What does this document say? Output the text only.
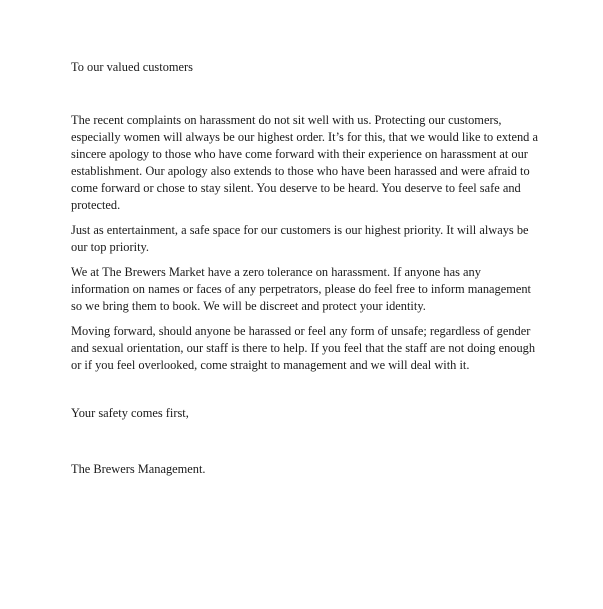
To our valued customers

The recent complaints on harassment do not sit well with us. Protecting our customers, especially women will always be our highest order. It’s for this, that we would like to extend a sincere apology to those who have come forward with their experience on harassment at our establishment. Our apology also extends to those who have been harassed and were afraid to come forward or chose to stay silent. You deserve to be heard. You deserve to feel safe and protected.

Just as entertainment, a safe space for our customers is our highest priority. It will always be our top priority.

We at The Brewers Market have a zero tolerance on harassment. If anyone has any information on names or faces of any perpetrators, please do feel free to inform management so we bring them to book. We will be discreet and protect your identity.

Moving forward, should anyone be harassed or feel any form of unsafe; regardless of gender and sexual orientation, our staff is there to help. If you feel that the staff are not doing enough or if you feel overlooked, come straight to management and we will deal with it.

Your safety comes first,

The Brewers Management.
